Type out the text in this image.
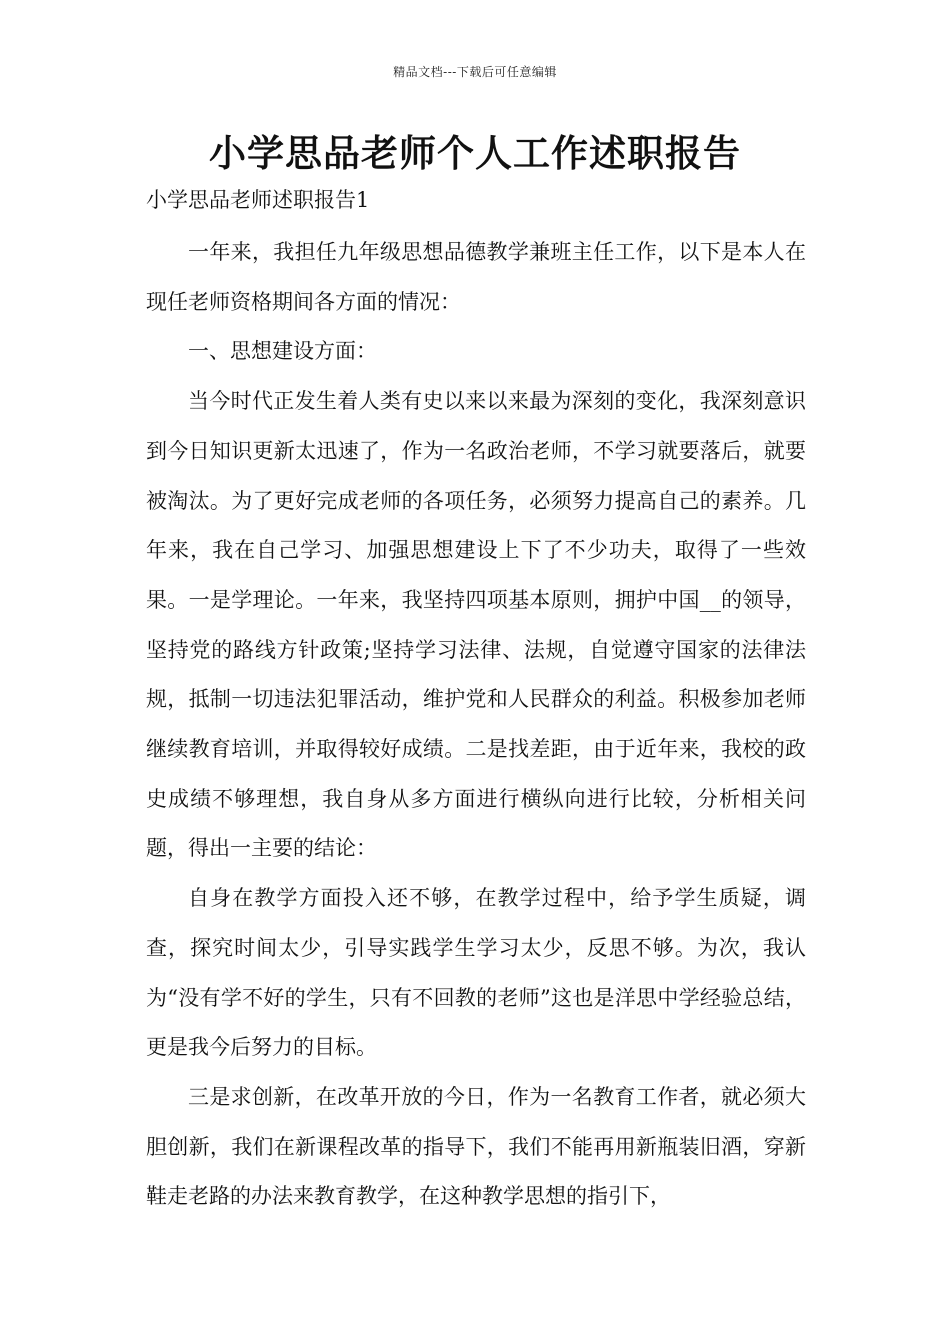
精品文档---下载后可任意编辑
小学思品老师个人工作述职报告
小学思品老师述职报告1

一年来，我担任九年级思想品德教学兼班主任工作，以下是本人在现任老师资格期间各方面的情况：

一、思想建设方面：

当今时代正发生着人类有史以来以来最为深刻的变化，我深刻意识到今日知识更新太迅速了，作为一名政治老师，不学习就要落后，就要被淘汰。为了更好完成老师的各项任务，必须努力提高自己的素养。几年来，我在自己学习、加强思想建设上下了不少功夫，取得了一些效果。一是学理论。一年来，我坚持四项基本原则，拥护中国__的领导，坚持党的路线方针政策;坚持学习法律、法规，自觉遵守国家的法律法规，抵制一切违法犯罪活动，维护党和人民群众的利益。积极参加老师继续教育培训，并取得较好成绩。二是找差距，由于近年来，我校的政史成绩不够理想，我自身从多方面进行横纵向进行比较，分析相关问题，得出一主要的结论：

自身在教学方面投入还不够，在教学过程中，给予学生质疑，调查，探究时间太少，引导实践学生学习太少，反思不够。为次，我认为“没有学不好的学生，只有不回教的老师”这也是洋思中学经验总结，更是我今后努力的目标。

三是求创新，在改革开放的今日，作为一名教育工作者，就必须大胆创新，我们在新课程改革的指导下，我们不能再用新瓶装旧酒，穿新鞋走老路的办法来教育教学，在这种教学思想的指引下，
